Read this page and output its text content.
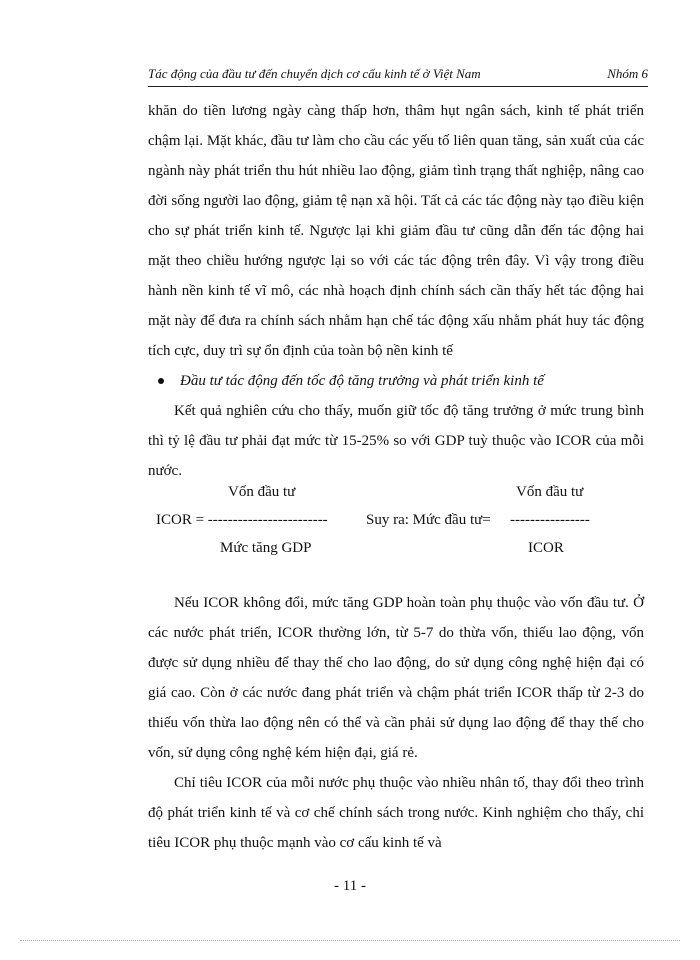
Tác động của đầu tư đến chuyển dịch cơ cấu kinh tế ở Việt Nam	Nhóm 6

khăn do tiền lương ngày càng thấp hơn, thâm hụt ngân sách, kinh tế phát triển chậm lại. Mặt khác, đầu tư làm cho cầu các yếu tố liên quan tăng, sản xuất của các ngành này phát triển thu hút nhiều lao động, giảm tình trạng thất nghiệp, nâng cao đời sống người lao động, giảm tệ nạn xã hội. Tất cả các tác động này tạo điều kiện cho sự phát triển kinh tế. Ngược lại khi giảm đầu tư cũng dẫn đến tác động hai mặt theo chiều hướng ngược lại so với các tác động trên đây. Vì vậy trong điều hành nền kinh tế vĩ mô, các nhà hoạch định chính sách cần thấy hết tác động hai mặt này để đưa ra chính sách nhằm hạn chế tác động xấu nhằm phát huy tác động tích cực, duy trì sự ổn định của toàn bộ nền kinh tế

Đầu tư tác động đến tốc độ tăng trưởng và phát triển kinh tế

Kết quả nghiên cứu cho thấy, muốn giữ tốc độ tăng trưởng ở mức trung bình thì tỷ lệ đầu tư phải đạt mức từ 15-25% so với GDP tuỳ thuộc vào ICOR của mỗi nước.

Vốn đầu tư
ICOR = ------------------------
Mức tăng GDP
Suy ra: Mức đầu tư=
Vốn đầu tư
----------------
ICOR

Nếu ICOR không đổi, mức tăng GDP hoàn toàn phụ thuộc vào vốn đầu tư. Ở các nước phát triển, ICOR thường lớn, từ 5-7 do thừa vốn, thiếu lao động, vốn được sử dụng nhiều để thay thế cho lao động, do sử dụng công nghệ hiện đại có giá cao. Còn ở các nước đang phát triển và chậm phát triển ICOR thấp từ 2-3 do thiếu vốn thừa lao động nên có thể và cần phải sử dụng lao động để thay thế cho vốn, sử dụng công nghệ kém hiện đại, giá rẻ.

Chỉ tiêu ICOR của mỗi nước phụ thuộc vào nhiều nhân tố, thay đổi theo trình độ phát triển kinh tế và cơ chế chính sách trong nước. Kinh nghiệm cho thấy, chỉ tiêu ICOR phụ thuộc mạnh vào cơ cấu kinh tế và

- 11 -
